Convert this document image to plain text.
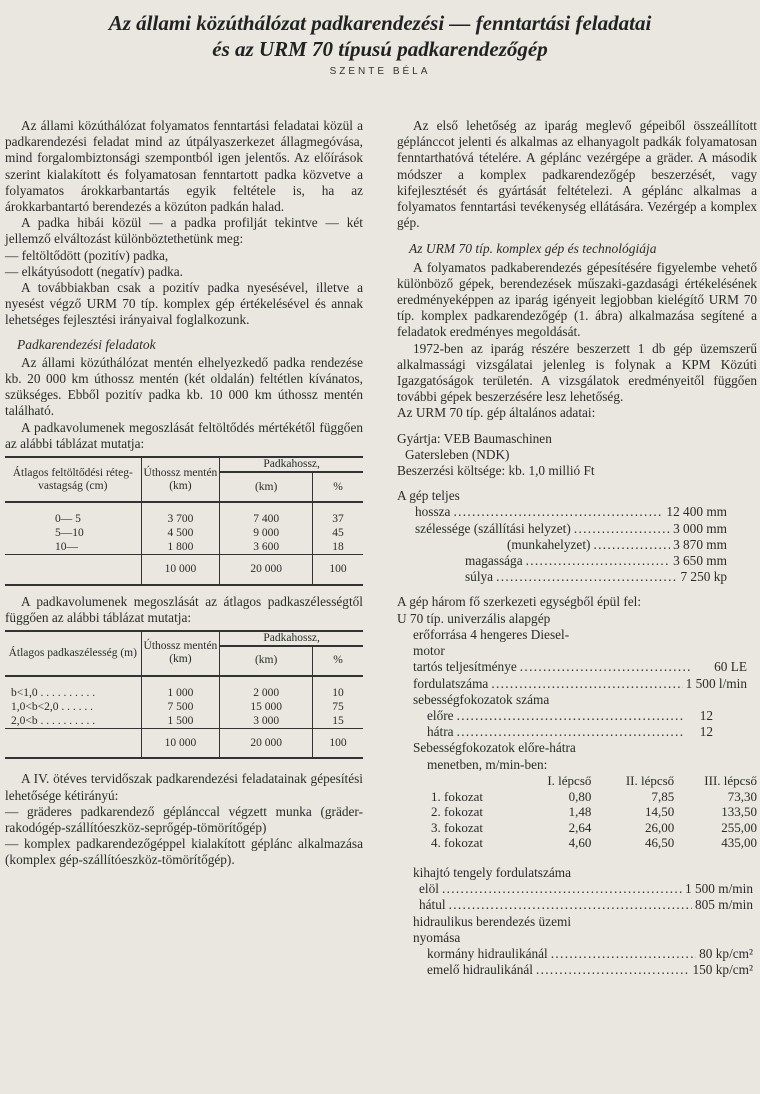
Az állami közúthálózat padkarendezési — fenntartási feladatai
és az URM 70 típusú padkarendezőgép
SZENTE BÉLA

Az állami közúthálózat folyamatos fenntartási feladatai közül a padkarendezési feladat mind az útpályaszerkezet állagmegóvása, mind forgalombiztonsági szempontból igen jelentős. Az előírások szerint kialakított és folyamatosan fenntartott padka közvetve a folyamatos árokkarbantartás egyik feltétele is, ha az árokkarbantartó berendezés a közúton padkán halad.

A padka hibái közül — a padka profilját tekintve — két jellemző elváltozást különböztethetünk meg:

— feltöltődött (pozitív) padka,

— elkátyúsodott (negatív) padka.

A továbbiakban csak a pozitív padka nyesésével, illetve a nyesést végző URM 70 típ. komplex gép értékelésével és annak lehetséges fejlesztési irányaival foglalkozunk.

Padkarendezési feladatok

Az állami közúthálózat mentén elhelyezkedő padka rendezése kb. 20 000 km úthossz mentén (két oldalán) feltétlen kívánatos, szükséges. Ebből pozitív padka kb. 10 000 km úthossz mentén található.

A padkavolumenek megoszlását feltöltődés mértékétől függően az alábbi táblázat mutatja:

Átlagos feltöltődési réteg-vastagság (cm)	Úthossz mentén (km)	Padkahossz,	
		(km)	%

0— 5	3 700	7 400	37
5—10	4 500	9 000	45
10—	1 800	3 600	18
	10 000	20 000	100

A padkavolumenek megoszlását az átlagos padkaszélességtől függően az alábbi táblázat mutatja:

Átlagos padkaszélesség (m)	Úthossz mentén (km)	Padkahossz,	
		(km)	%

b<1,0 . . . . . . . . . .	1 000	2 000	10
1,0<b<2,0 . . . . . .	7 500	15 000	75
2,0<b . . . . . . . . . .	1 500	3 000	15
	10 000	20 000	100

A IV. ötéves tervidőszak padkarendezési feladatainak gépesítési lehetősége kétirányú:

— gräderes padkarendező géplánccal végzett munka (gräder-rakodógép-szállítóeszköz-seprőgép-tömörítőgép)

— komplex padkarendezőgéppel kialakított géplánc alkalmazása (komplex gép-szállítóeszköz-tömörítőgép).

Az első lehetőség az iparág meglevő gépeiből összeállított géplánccot jelenti és alkalmas az elhanyagolt padkák folyamatosan fenntarthatóvá tételére. A géplánc vezérgépe a gräder. A második módszer a komplex padkarendezőgép beszerzését, vagy kifejlesztését és gyártását feltételezi. A géplánc alkalmas a folyamatos fenntartási tevékenység ellátására. Vezérgép a komplex gép.

Az URM 70 típ. komplex gép és technológiája

A folyamatos padkaberendezés gépesítésére figyelembe vehető különböző gépek, berendezések műszaki-gazdasági értékelésének eredményeképpen az iparág igényeit legjobban kielégítő URM 70 típ. komplex padkarendezőgép (1. ábra) alkalmazása segítené a feladatok eredményes megoldását.

1972-ben az iparág részére beszerzett 1 db gép üzemszerű alkalmassági vizsgálatai jelenleg is folynak a KPM Közúti Igazgatóságok területén. A vizsgálatok eredményeitől függően további gépek beszerzésére lesz lehetőség.

Az URM 70 típ. gép általános adatai:

Gyártja: VEB Baumaschinen

Gatersleben (NDK)

Beszerzési költsége: kb. 1,0 millió Ft

A gép teljes

hossza . . .	12 400 mm
szélessége (szállítási helyzet) . . .	3 000 mm
(munkahelyzet) . . .	3 870 mm
magassága . . .	3 650 mm
súlya . . .	7 250 kp

A gép három fő szerkezeti egységből épül fel:

U 70 típ. univerzális alapgép

erőforrása 4 hengeres Diesel-

motor

tartós teljesítménye . . .	60 LE
fordulatszáma . . .	1 500 l/min

sebességfokozatok száma

előre . . .	12
hátra . . .	12

Sebességfokozatok előre-hátra

menetben, m/min-ben:

	I. lépcső	II. lépcső	III. lépcső
1. fokozat	0,80	7,85	73,30
2. fokozat	1,48	14,50	133,50
3. fokozat	2,64	26,00	255,00
4. fokozat	4,60	46,50	435,00

kihajtó tengely fordulatszáma

elöl . . .	1 500 m/min
hátul . . .	805 m/min

hidraulikus berendezés üzemi

nyomása

kormány hidraulikánál . . .	80 kp/cm²
emelő hidraulikánál . . .	150 kp/cm²
